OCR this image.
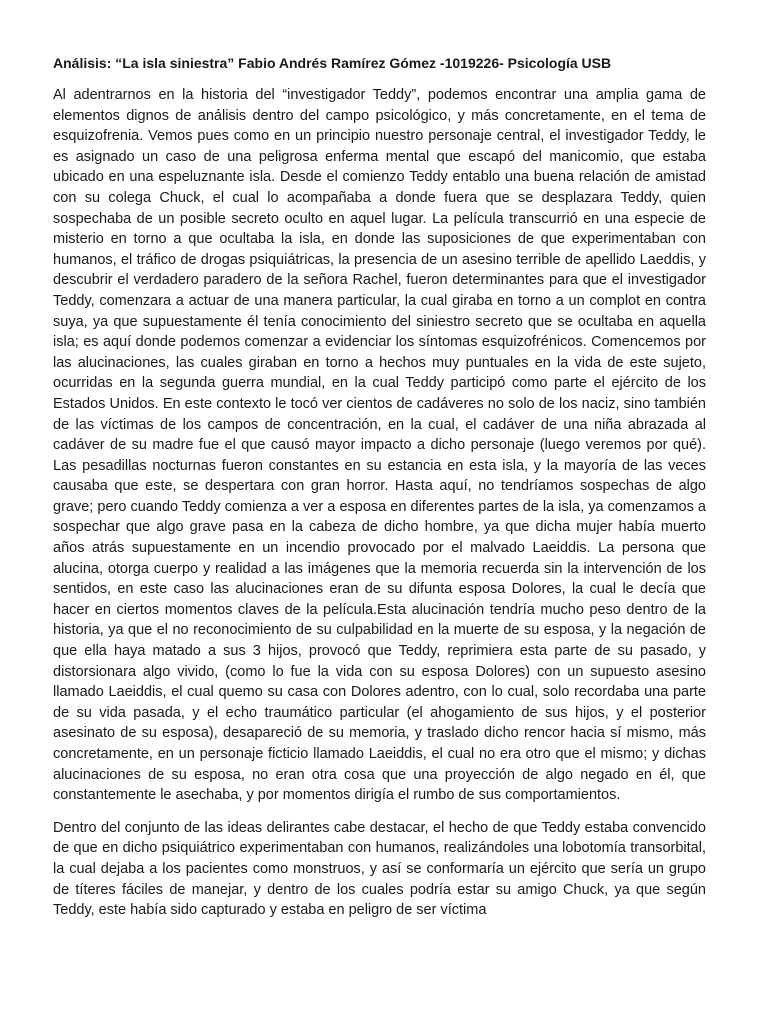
Análisis: “La isla siniestra” Fabio Andrés Ramírez Gómez -1019226- Psicología USB

Al adentrarnos en la historia del “investigador Teddy”, podemos encontrar una amplia gama de elementos dignos de análisis dentro del campo psicológico, y más concretamente, en el tema de esquizofrenia. Vemos pues como en un principio nuestro personaje central, el investigador Teddy, le es asignado un caso de una peligrosa enferma mental que escapó del manicomio, que estaba ubicado en una espeluznante isla. Desde el comienzo Teddy entablo una buena relación de amistad con su colega Chuck, el cual lo acompañaba a donde fuera que se desplazara Teddy, quien sospechaba de un posible secreto oculto en aquel lugar. La película transcurrió en una especie de misterio en torno a que ocultaba la isla, en donde las suposiciones de que experimentaban con humanos, el tráfico de drogas psiquiátricas, la presencia de un asesino terrible de apellido Laeddis, y descubrir el verdadero paradero de la señora Rachel, fueron determinantes para que el investigador Teddy, comenzara a actuar de una manera particular, la cual giraba en torno a un complot en contra suya, ya que supuestamente él tenía conocimiento del siniestro secreto que se ocultaba en aquella isla; es aquí donde podemos comenzar a evidenciar los síntomas esquizofrénicos. Comencemos por las alucinaciones, las cuales giraban en torno a hechos muy puntuales en la vida de este sujeto, ocurridas en la segunda guerra mundial, en la cual Teddy participó como parte el ejército de los Estados Unidos. En este contexto le tocó ver cientos de cadáveres no solo de los naciz, sino también de las víctimas de los campos de concentración, en la cual, el cadáver de una niña abrazada al cadáver de su madre fue el que causó mayor impacto a dicho personaje (luego veremos por qué). Las pesadillas nocturnas fueron constantes en su estancia en esta isla, y la mayoría de las veces causaba que este, se despertara con gran horror. Hasta aquí, no tendríamos sospechas de algo grave; pero cuando Teddy comienza a ver a esposa en diferentes partes de la isla, ya comenzamos a sospechar que algo grave pasa en la cabeza de dicho hombre, ya que dicha mujer había muerto años atrás supuestamente en un incendio provocado por el malvado Laeiddis. La persona que alucina, otorga cuerpo y realidad a las imágenes que la memoria recuerda sin la intervención de los sentidos, en este caso las alucinaciones eran de su difunta esposa Dolores, la cual le decía que hacer en ciertos momentos claves de la película.Esta alucinación tendría mucho peso dentro de la historia, ya que el no reconocimiento de su culpabilidad en la muerte de su esposa, y la negación de que ella haya matado a sus 3 hijos, provocó que Teddy, reprimiera esta parte de su pasado, y distorsionara algo vivido, (como lo fue la vida con su esposa Dolores) con un supuesto asesino llamado Laeiddis, el cual quemo su casa con Dolores adentro, con lo cual, solo recordaba una parte de su vida pasada, y el echo traumático particular (el ahogamiento de sus hijos, y el posterior asesinato de su esposa), desapareció de su memoria, y traslado dicho rencor hacia sí mismo, más concretamente, en un personaje ficticio llamado Laeiddis, el cual no era otro que el mismo; y dichas alucinaciones de su esposa, no eran otra cosa que una proyección de algo negado en él, que constantemente le asechaba, y por momentos dirigía el rumbo de sus comportamientos.

Dentro del conjunto de las ideas delirantes cabe destacar, el hecho de que Teddy estaba convencido de que en dicho psiquiátrico experimentaban con humanos, realizándoles una lobotomía transorbital, la cual dejaba a los pacientes como monstruos, y así se conformaría un ejército que sería un grupo de títeres fáciles de manejar, y dentro de los cuales podría estar su amigo Chuck, ya que según Teddy, este había sido capturado y estaba en peligro de ser víctima
